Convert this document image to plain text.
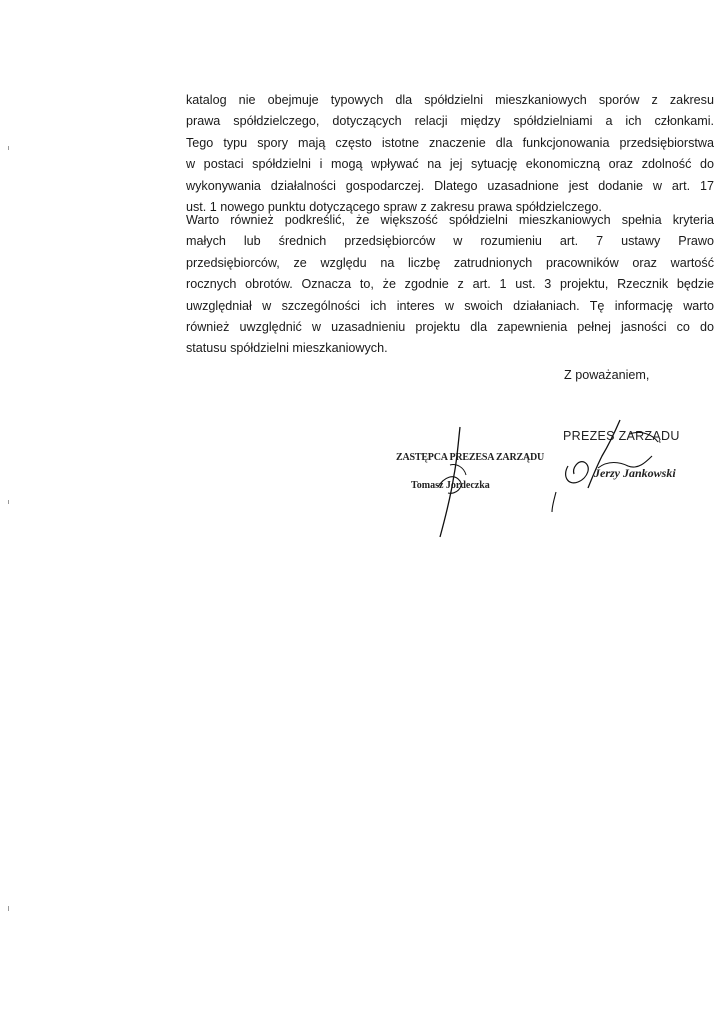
katalog nie obejmuje typowych dla spółdzielni mieszkaniowych sporów z zakresu
prawa spółdzielczego, dotyczących relacji między spółdzielniami a ich członkami.
Tego typu spory mają często istotne znaczenie dla funkcjonowania przedsiębiorstwa
w postaci spółdzielni i mogą wpływać na jej sytuację ekonomiczną oraz zdolność do
wykonywania działalności gospodarczej. Dlatego uzasadnione jest dodanie w art. 17
ust. 1 nowego punktu dotyczącego spraw z zakresu prawa spółdzielczego.
Warto również podkreślić, że większość spółdzielni mieszkaniowych spełnia kryteria
małych lub średnich przedsiębiorców w rozumieniu art. 7 ustawy Prawo
przedsiębiorców, ze względu na liczbę zatrudnionych pracowników oraz wartość
rocznych obrotów. Oznacza to, że zgodnie z art. 1 ust. 3 projektu, Rzecznik będzie
uwzględniał w szczególności ich interes w swoich działaniach. Tę informację warto
również uwzględnić w uzasadnieniu projektu dla zapewnienia pełnej jasności co do
statusu spółdzielni mieszkaniowych.
Z poważaniem,
ZASTĘPCA PREZESA ZARZĄDU
Tomasz Jordeczka
PREZES ZARZĄDU
Jerzy Jankowski
